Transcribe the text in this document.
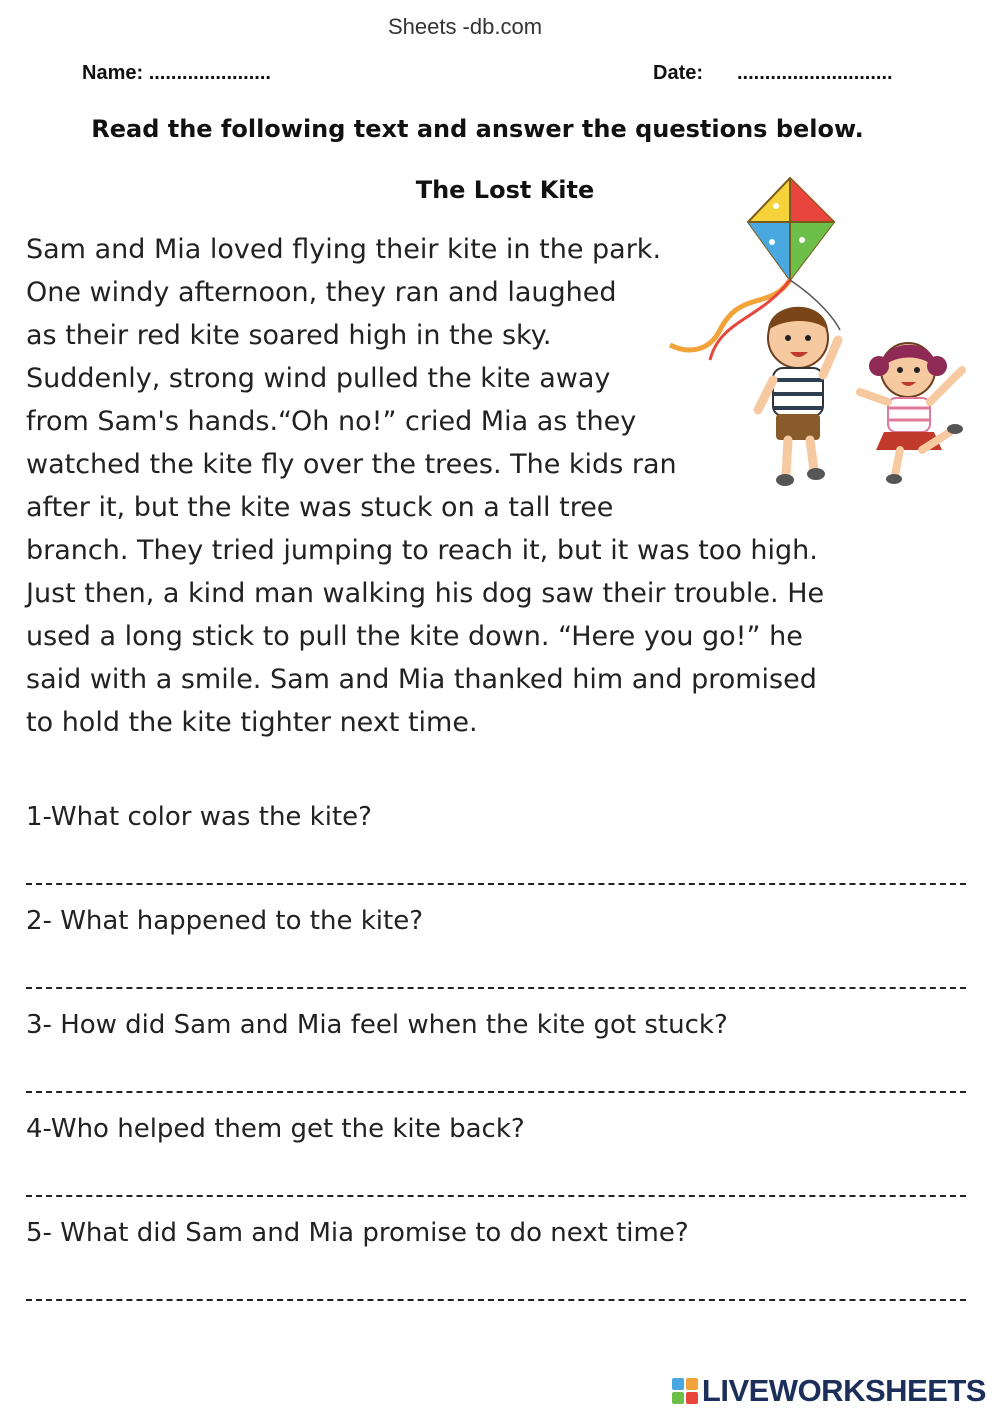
Sheets -db.com
Name: ......................	Date: ............................
Read the following text and answer the questions below.
The Lost Kite
Sam and Mia loved flying their kite in the park.
One windy afternoon, they ran and laughed
as their red kite soared high in the sky.
Suddenly, strong wind pulled the kite away
from Sam's hands.“Oh no!” cried Mia as they
watched the kite fly over the trees. The kids ran
after it, but the kite was stuck on a tall tree
branch. They tried jumping to reach it, but it was too high.
Just then, a kind man walking his dog saw their trouble. He
used a long stick to pull the kite down. “Here you go!” he
said with a smile. Sam and Mia thanked him and promised
to hold the kite tighter next time.
1-What color was the kite?
2- What happened to the kite?
3- How did Sam and Mia feel when the kite got stuck?
4-Who helped them get the kite back?
5- What did Sam and Mia promise to do next time?
LIVEWORKSHEETS
